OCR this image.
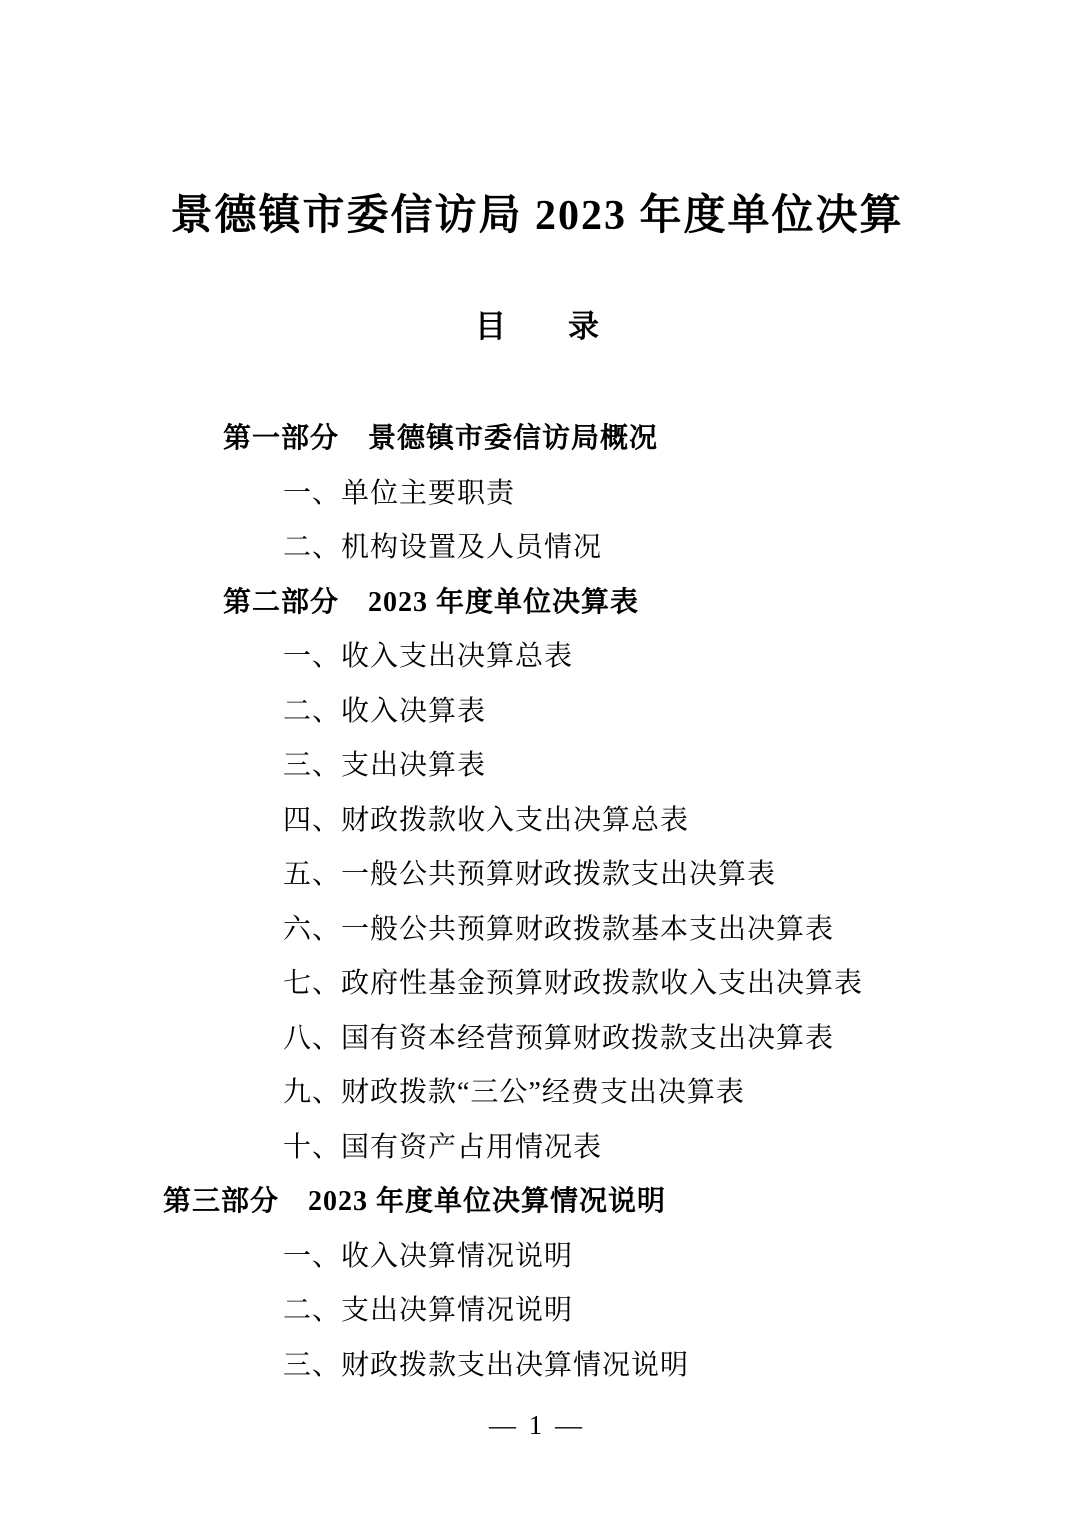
景德镇市委信访局 2023 年度单位决算
目　　录
第一部分　景德镇市委信访局概况
一、单位主要职责
二、机构设置及人员情况
第二部分　2023 年度单位决算表
一、收入支出决算总表
二、收入决算表
三、支出决算表
四、财政拨款收入支出决算总表
五、一般公共预算财政拨款支出决算表
六、一般公共预算财政拨款基本支出决算表
七、政府性基金预算财政拨款收入支出决算表
八、国有资本经营预算财政拨款支出决算表
九、财政拨款“三公”经费支出决算表
十、国有资产占用情况表
第三部分　2023 年度单位决算情况说明
一、收入决算情况说明
二、支出决算情况说明
三、财政拨款支出决算情况说明
— 1 —
